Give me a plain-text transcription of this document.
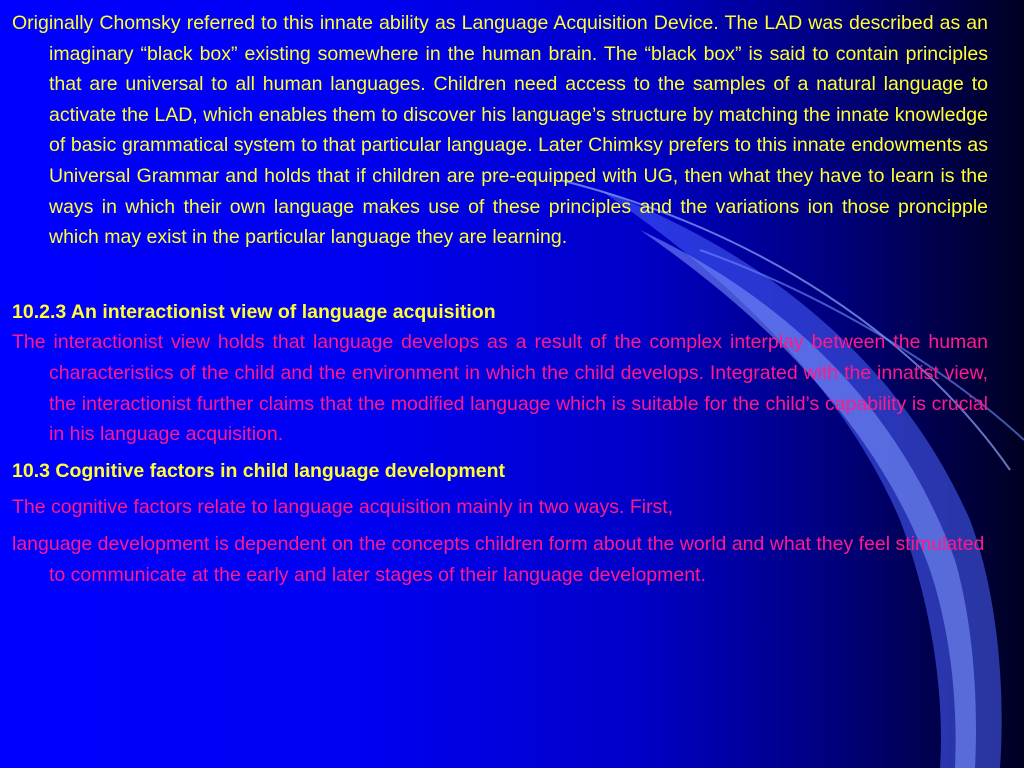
Originally Chomsky referred to this innate ability as Language Acquisition Device. The LAD was described as an imaginary “black box” existing somewhere in the human brain. The “black box” is said to contain principles that are universal to all human languages. Children need access to the samples of a natural language to activate the LAD, which enables them to discover his language’s structure by matching the innate knowledge of basic grammatical system to that particular language. Later Chimksy prefers to this innate endowments as Universal Grammar and holds that if children are pre-equipped with UG, then what they have to learn is the ways in which their own language makes use of these principles and the variations ion those proncipple which may exist in the particular language they are learning.

10.2.3 An interactionist view of language acquisition

The interactionist view holds that language develops as a result of the complex interplay between the human characteristics of the child and the environment in which the child develops. Integrated with the innatist view, the interactionist further claims that the modified language which is suitable for the child’s capability is crucial in his language acquisition.

10.3 Cognitive factors in child language development

The cognitive factors relate to language acquisition mainly in two ways. First,

language development is dependent on the concepts children form about the world and what they feel stimulated to communicate at the early and later stages of their language development.
